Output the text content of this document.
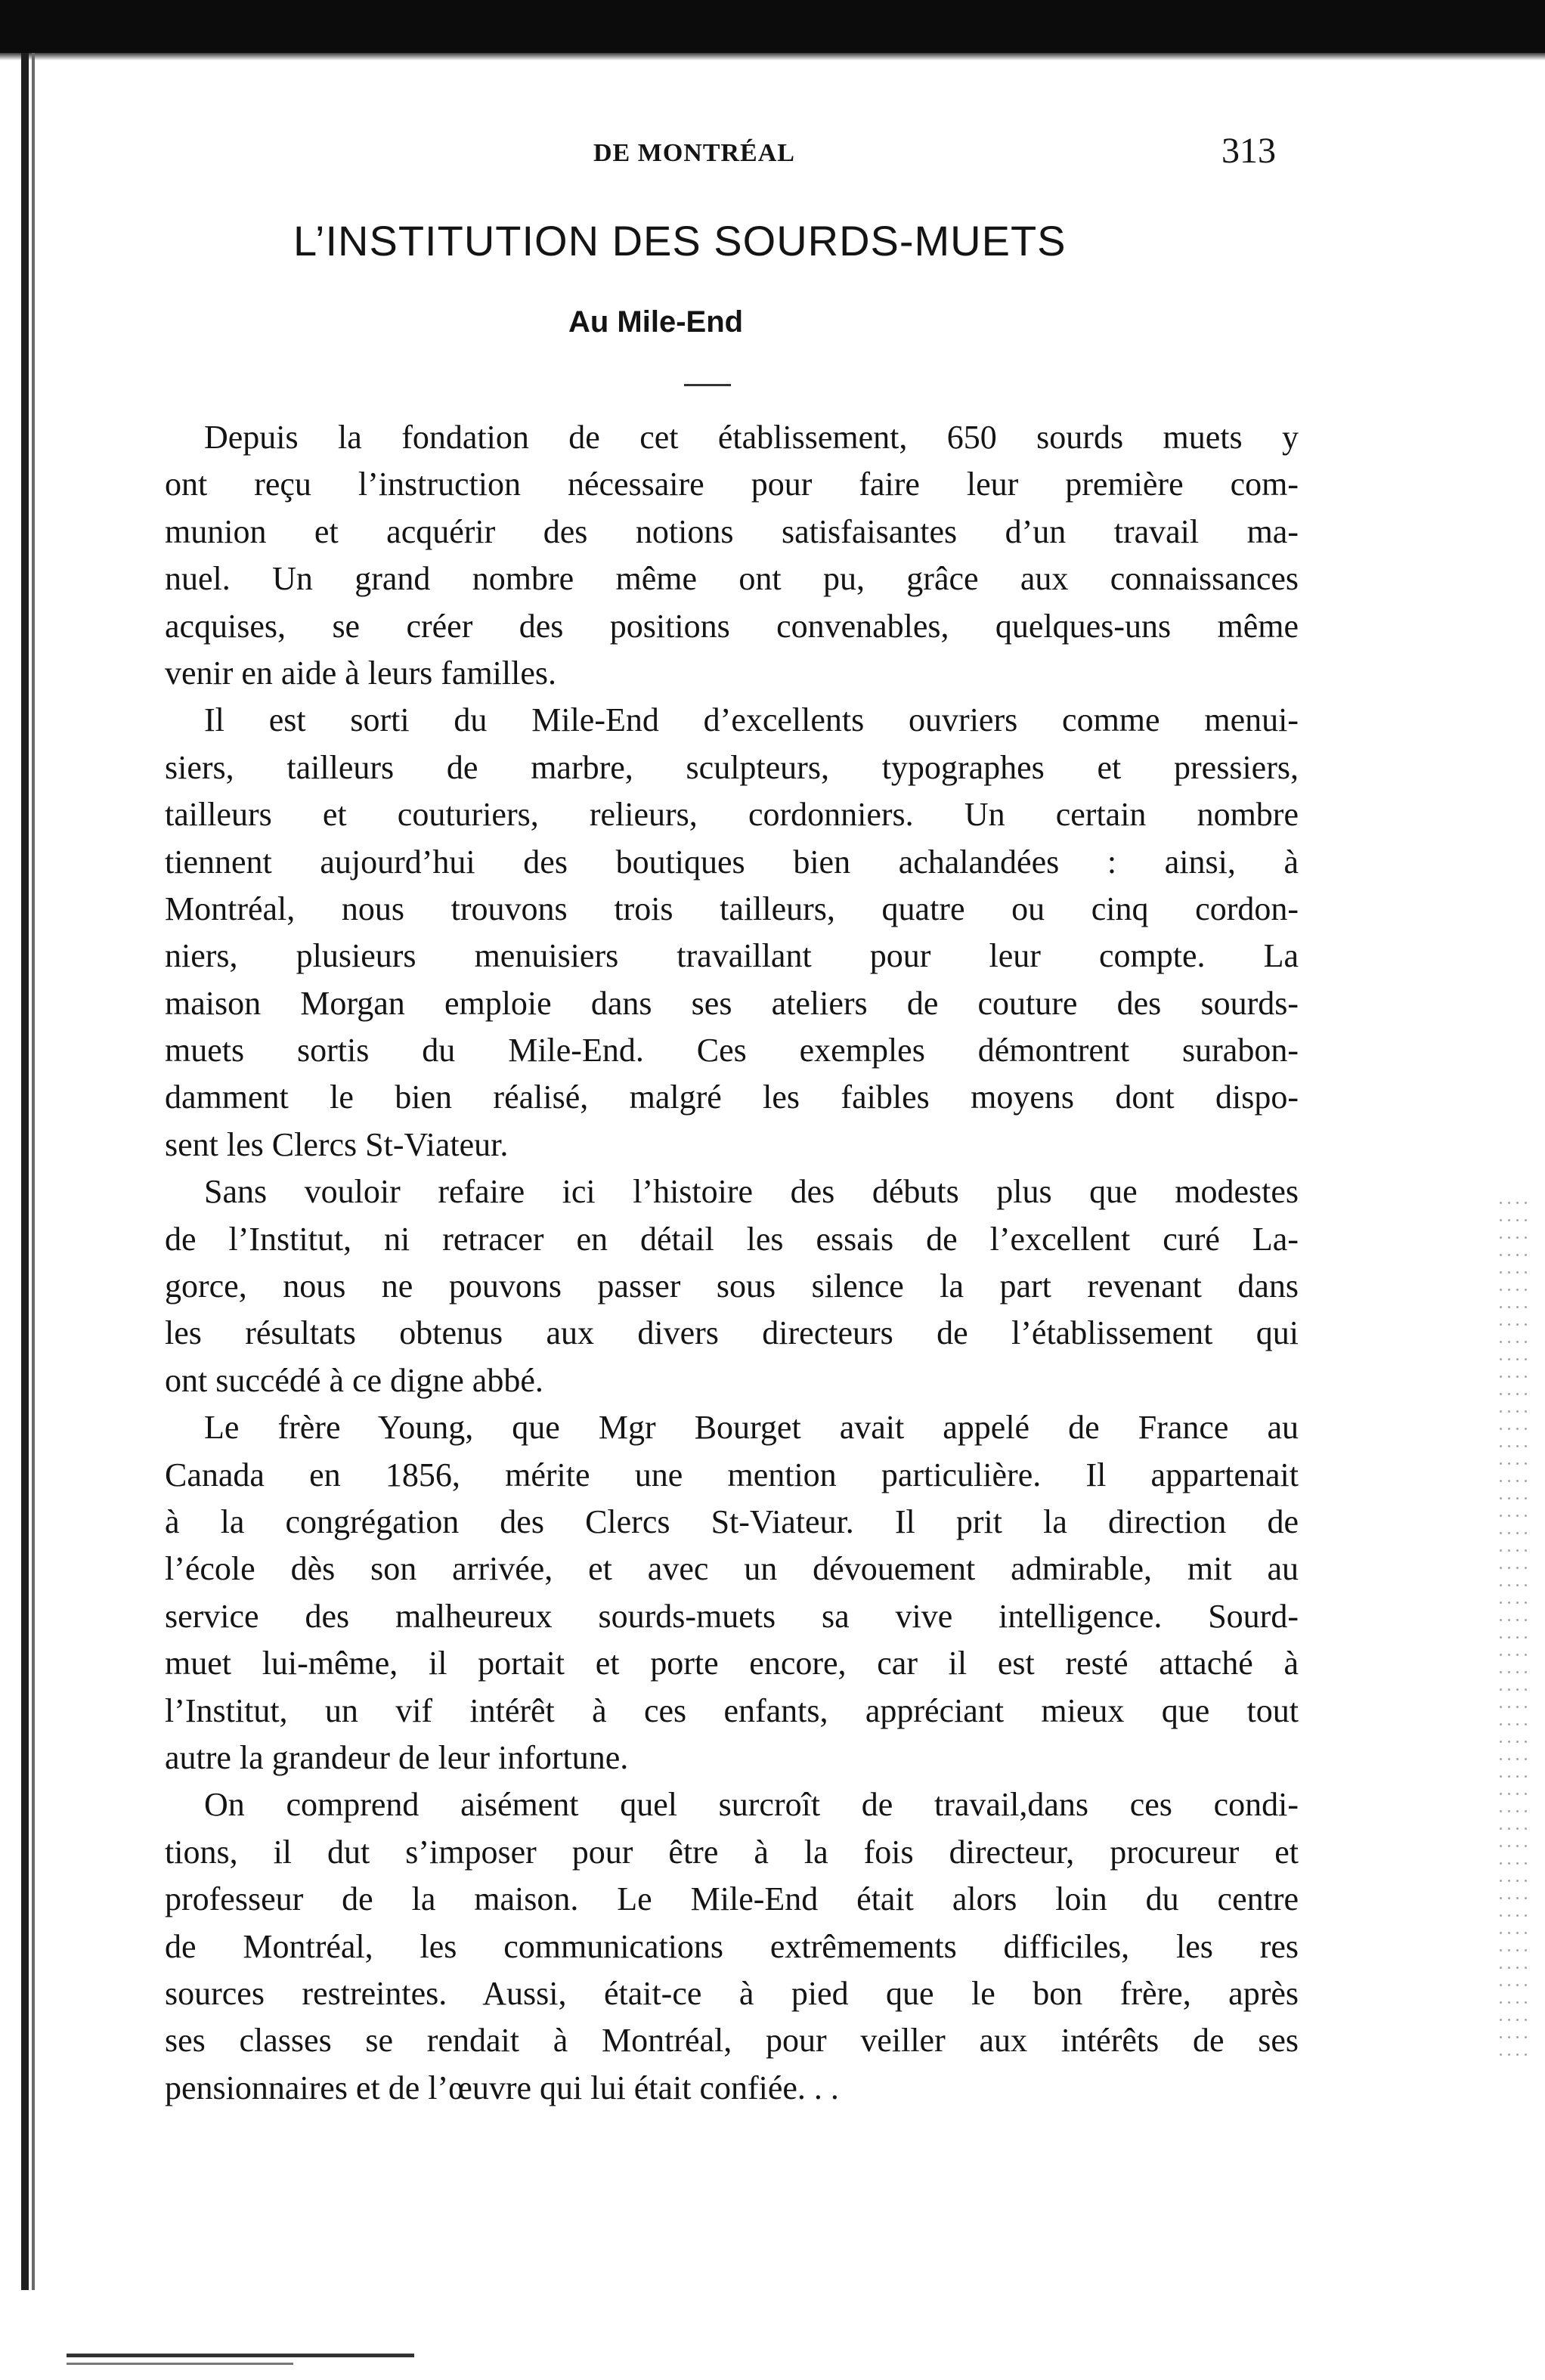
DE MONTRÉAL	313
L’INSTITUTION DES SOURDS-MUETS
Au Mile-End
Depuis la fondation de cet établissement, 650 sourds muets y
ont reçu l’instruction nécessaire pour faire leur première com-
munion et acquérir des notions satisfaisantes d’un travail ma-
nuel. Un grand nombre même ont pu, grâce aux connaissances
acquises, se créer des positions convenables, quelques-uns même
venir en aide à leurs familles.
Il est sorti du Mile-End d’excellents ouvriers comme menui-
siers, tailleurs de marbre, sculpteurs, typographes et pressiers,
tailleurs et couturiers, relieurs, cordonniers. Un certain nombre
tiennent aujourd’hui des boutiques bien achalandées : ainsi, à
Montréal, nous trouvons trois tailleurs, quatre ou cinq cordon-
niers, plusieurs menuisiers travaillant pour leur compte. La
maison Morgan emploie dans ses ateliers de couture des sourds-
muets sortis du Mile-End. Ces exemples démontrent surabon-
damment le bien réalisé, malgré les faibles moyens dont dispo-
sent les Clercs St-Viateur.
Sans vouloir refaire ici l’histoire des débuts plus que modestes
de l’Institut, ni retracer en détail les essais de l’excellent curé La-
gorce, nous ne pouvons passer sous silence la part revenant dans
les résultats obtenus aux divers directeurs de l’établissement qui
ont succédé à ce digne abbé.
Le frère Young, que Mgr Bourget avait appelé de France au
Canada en 1856, mérite une mention particulière. Il appartenait
à la congrégation des Clercs St-Viateur. Il prit la direction de
l’école dès son arrivée, et avec un dévouement admirable, mit au
service des malheureux sourds-muets sa vive intelligence. Sourd-
muet lui-même, il portait et porte encore, car il est resté attaché à
l’Institut, un vif intérêt à ces enfants, appréciant mieux que tout
autre la grandeur de leur infortune.
On comprend aisément quel surcroît de travail,dans ces condi-
tions, il dut s’imposer pour être à la fois directeur, procureur et
professeur de la maison. Le Mile-End était alors loin du centre
de Montréal, les communications extrêmements difficiles, les res
sources restreintes. Aussi, était-ce à pied que le bon frère, après
ses classes se rendait à Montréal, pour veiller aux intérêts de ses
pensionnaires et de l’œuvre qui lui était confiée. . .
